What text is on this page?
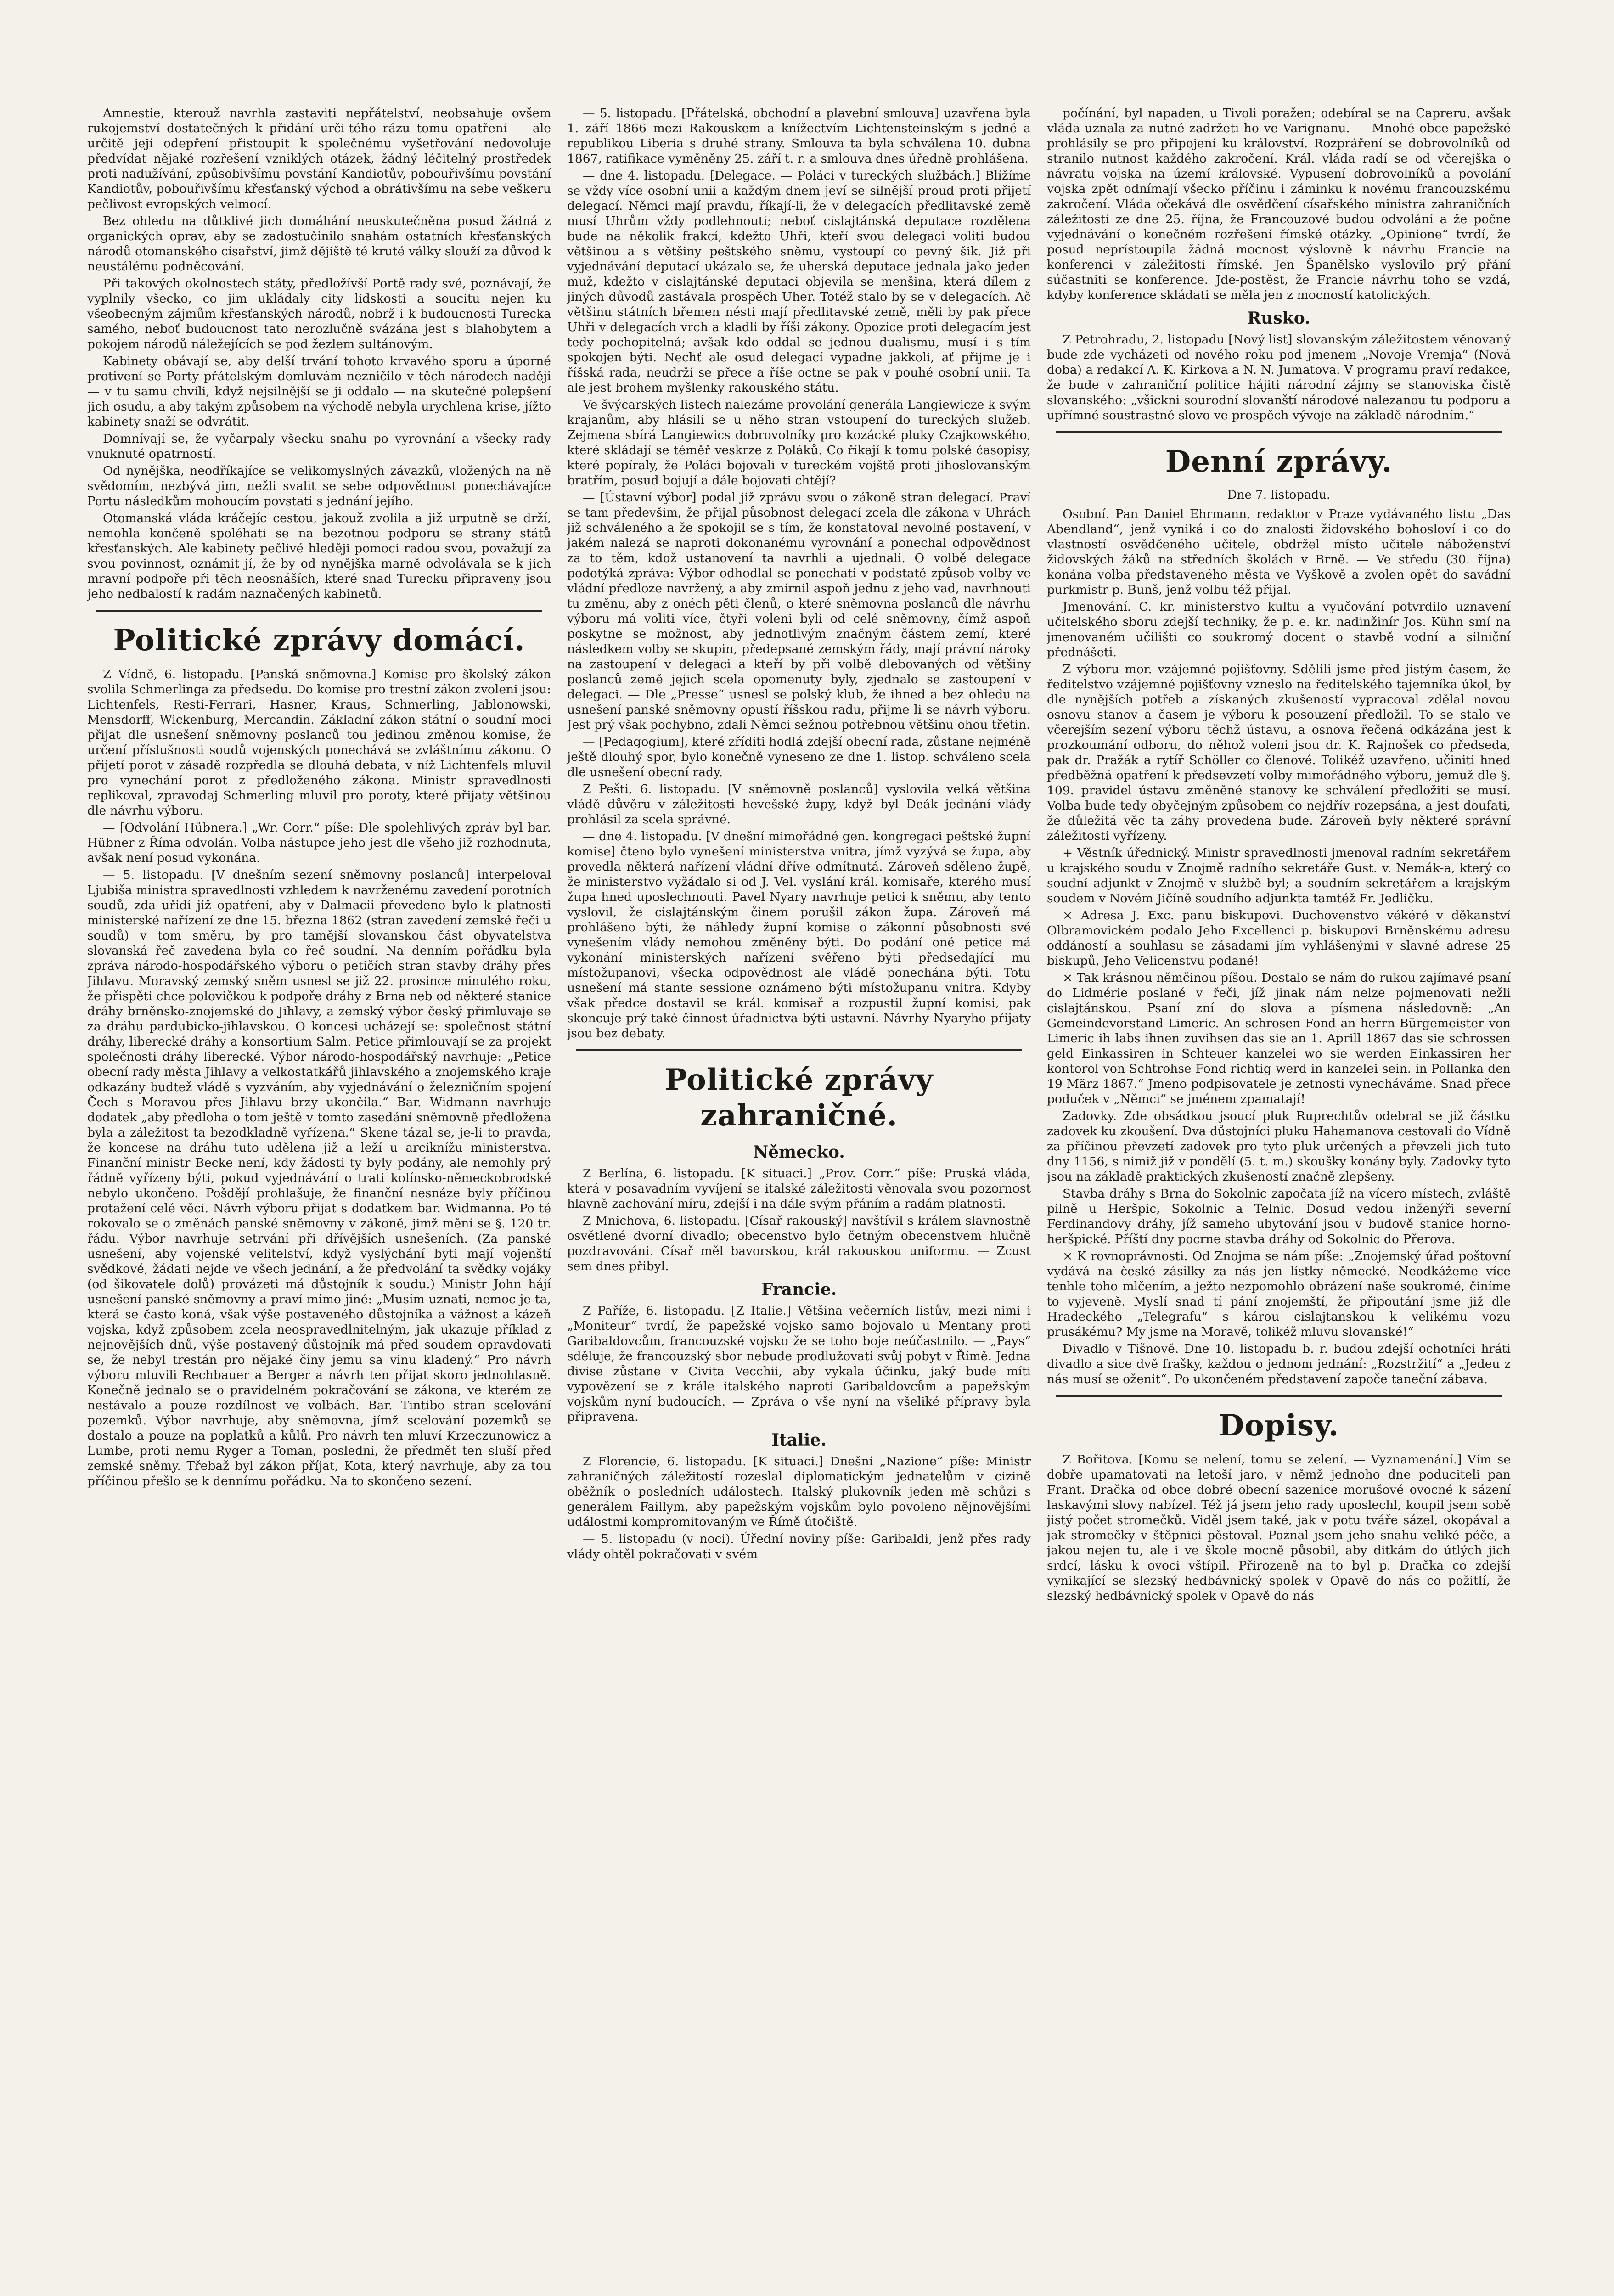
Amnestie, kterouž navrhla zastaviti nepřátelství, neobsahuje ovšem rukojemství dostatečných k přidání urči-tého rázu tomu opatření — ale určitě její odepření přistoupit k společnému vyšetřování nedovoluje předvídat nějaké rozřešení vzniklých otázek, žádný léčitelný prostředek proti nadužívání, způsobivšímu povstání Kandiotův, pobouřivšímu povstání Kandiotův, pobouřivšímu křesťanský východ a obrátivšímu na sebe veškeru pečlivost evropských velmocí.

Bez ohledu na důtklivé jich domáhání neuskutečněna posud žádná z organických oprav, aby se zadostučinilo snahám ostatních křesťanských národů otomanského císařství, jimž dějiště té kruté války slouží za důvod k neustálému podněcování.

Při takových okolnostech státy, předložívší Portě rady své, poznávají, že vyplnily všecko, co jim ukládaly city lidskosti a soucitu nejen ku všeobecným zájmům křesťanských národů, nobrž i k budoucnosti Turecka samého, neboť budoucnost tato nerozlučně svázána jest s blahobytem a pokojem národů náležejících se pod žezlem sultánovým.

Kabinety obávají se, aby delší trvání tohoto krvavého sporu a úporné protivení se Porty přátelským domluvám nezničilo v těch národech naději — v tu samu chvíli, když nejsilnější se ji oddalo — na skutečné polepšení jich osudu, a aby takým způsobem na východě nebyla urychlena krise, jížto kabinety snaží se odvrátit.

Domnívají se, že vyčarpaly všecku snahu po vyrovnání a všecky rady vnuknuté opatrností.

Od nynějška, neodříkajíce se velikomyslných závazků, vložených na ně svědomím, nezbývá jim, nežli svalit se sebe odpovědnost ponechávajíce Portu následkům mohoucím povstati s jednání jejího.

Otomanská vláda kráčejíc cestou, jakouž zvolila a již urputně se drží, nemohla končeně spoléhati se na bezotnou podporu se strany států křesťanských. Ale kabinety pečlivé hleději pomoci radou svou, považují za svou povinnost, oznámit jí, že by od nynějška marně odvolávala se k jich mravní podpoře při těch neosnáších, které snad Turecku připraveny jsou jeho nedbalostí k radám naznačených kabinetů.

Politické zprávy domácí.

Z Vídně, 6. listopadu. [Panská sněmovna.] Komise pro školský zákon svolila Schmerlinga za předsedu. Do komise pro trestní zákon zvoleni jsou: Lichtenfels, Resti-Ferrari, Hasner, Kraus, Schmerling, Jablonowski, Mensdorff, Wickenburg, Mercandin. Základní zákon státní o soudní moci přijat dle usnešení sněmovny poslanců tou jedinou změnou komise, že určení příslušnosti soudů vojenských ponechává se zvláštnímu zákonu. O přijetí porot v zásadě rozpředla se dlouhá debata, v níž Lichtenfels mluvil pro vynechání porot z předloženého zákona. Ministr spravedlnosti replikoval, zpravodaj Schmerling mluvil pro poroty, které přijaty většinou dle návrhu výboru.

— [Odvolání Hübnera.] „Wr. Corr.“ píše: Dle spolehlivých zpráv byl bar. Hübner z Říma odvolán. Volba nástupce jeho jest dle všeho již rozhodnuta, avšak není posud vykonána.

— 5. listopadu. [V dnešním sezení sněmovny poslanců] interpeloval Ljubiša ministra spravedlnosti vzhledem k navrženému zavedení porotních soudů, zda uřidí již opatření, aby v Dalmacii převedeno bylo k platnosti ministerské nařízení ze dne 15. března 1862 (stran zavedení zemské řeči u soudů) v tom směru, by pro tamější slovanskou část obyvatelstva slovanská řeč zavedena byla co řeč soudní. Na denním pořádku byla zpráva národo-hospodářského výboru o petičích stran stavby dráhy přes Jihlavu. Moravský zemský sněm usnesl se již 22. prosince minulého roku, že přispěti chce polovičkou k podpoře dráhy z Brna neb od některé stanice dráhy brněnsko-znojemské do Jihlavy, a zemský výbor český přimluvaje se za dráhu pardubicko-jihlavskou. O koncesi ucházejí se: společnost státní dráhy, liberecké dráhy a konsortium Salm. Petice přimlouvají se za projekt společnosti dráhy liberecké. Výbor národo-hospodářský navrhuje: „Petice obecní rady města Jihlavy a velkostatkářů jihlavského a znojemského kraje odkazány budtež vládě s vyzváním, aby vyjednávání o železničním spojení Čech s Moravou přes Jihlavu brzy ukončila.“ Bar. Widmann navrhuje dodatek „aby předloha o tom ještě v tomto zasedání sněmovně předložena byla a záležitost ta bezodkladně vyřízena.“ Skene tázal se, je-li to pravda, že koncese na dráhu tuto udělena již a leží u arciknížu ministerstva. Finanční ministr Becke není, kdy žádosti ty byly podány, ale nemohly prý řádně vyřízeny býti, pokud vyjednávání o trati kolínsko-německobrodské nebylo ukončeno. Pošdějí prohlašuje, že finanční nesnáze byly příčinou protažení celé věci. Návrh výboru přijat s dodatkem bar. Widmanna. Po té rokovalo se o změnách panské sněmovny v zákoně, jimž mění se §. 120 tr. řádu. Výbor navrhuje setrvání při dřívějších usnešeních. (Za panské usnešení, aby vojenské velitelství, když vyslýchání byti mají vojenští svědkové, žádati nejde ve všech jednání, a že předvolání ta svědky vojáky (od šikovatele dolů) provázeti má důstojník k soudu.) Ministr John hájí usnešení panské sněmovny a praví mimo jiné: „Musím uznati, nemoc je ta, která se často koná, však výše postaveného důstojníka a vážnost a kázeň vojska, když způsobem zcela neospravedlnitelným, jak ukazuje příklad z nejnovějších dnů, výše postavený důstojník má před soudem opravdovati se, že nebyl trestán pro nějaké činy jemu sa vinu kladený.“ Pro návrh výboru mluvili Rechbauer a Berger a návrh ten přijat skoro jednohlasně. Konečně jednalo se o pravidelném pokračování se zákona, ve kterém ze nestávalo a pouze rozdílnost ve volbách. Bar. Tintibo stran scelování pozemků. Výbor navrhuje, aby sněmovna, jímž scelování pozemků se dostalo a pouze na poplatků a kůlů. Pro návrh ten mluví Krzeczunowicz a Lumbe, proti nemu Ryger a Toman, posledni, že předmět ten sluší před zemské sněmy. Třebaž byl zákon příjat, Kota, který navrhuje, aby za tou příčinou přešlo se k dennímu pořádku. Na to skončeno sezení.

— 5. listopadu. [Přátelská, obchodní a plavební smlouva] uzavřena byla 1. září 1866 mezi Rakouskem a knížectvím Lichtensteinským s jedné a republikou Liberia s druhé strany. Smlouva ta byla schválena 10. dubna 1867, ratifikace vyměněny 25. září t. r. a smlouva dnes úředně prohlášena.

— dne 4. listopadu. [Delegace. — Poláci v tureckých službách.] Blížíme se vždy více osobní unii a každým dnem jeví se silnější proud proti přijetí delegací. Němci mají pravdu, říkají-li, že v delegacích předlitavské země musí Uhrům vždy podlehnouti; neboť cislajtánská deputace rozdělena bude na několik frakcí, kdežto Uhři, kteří svou delegaci voliti budou většinou a s většiny peštského sněmu, vystoupí co pevný šik. Již při vyjednávání deputací ukázalo se, že uherská deputace jednala jako jeden muž, kdežto v cislajtánské deputaci objevila se menšina, která dílem z jiných důvodů zastávala prospěch Uher. Totéž stalo by se v delegacích. Ač většinu státních břemen nésti mají předlitavské země, měli by pak přece Uhři v delegacích vrch a kladli by říši zákony. Opozice proti delegacím jest tedy pochopitelná; avšak kdo oddal se jednou dualismu, musí i s tím spokojen býti. Nechť ale osud delegací vypadne jakkoli, ať přijme je i říšská rada, neudrží se přece a říše octne se pak v pouhé osobní unii. Ta ale jest brohem myšlenky rakouského státu.

Ve švýcarských listech nalezáme provolání generála Langiewicze k svým krajanům, aby hlásili se u něho stran vstoupení do tureckých služeb. Zejmena sbírá Langiewics dobrovolníky pro kozácké pluky Czajkowského, které skládají se téměř veskrze z Poláků. Co říkají k tomu polské časopisy, které popíraly, že Poláci bojovali v tureckém vojště proti jihoslovanským bratřím, posud bojují a dále bojovati chtějí?

— [Ústavní výbor] podal již zprávu svou o zákoně stran delegací. Praví se tam předevšim, že přijal působnost delegací zcela dle zákona v Uhrách již schváleného a že spokojil se s tím, že konstatoval nevolné postavení, v jakém nalezá se naproti dokonanému vyrovnání a ponechal odpovědnost za to těm, kdož ustanovení ta navrhli a ujednali. O volbě delegace podotýká zpráva: Výbor odhodlal se ponechati v podstatě způsob volby ve vládní předloze navržený, a aby zmírnil aspoň jednu z jeho vad, navrhnouti tu změnu, aby z onéch pěti členů, o které sněmovna poslanců dle návrhu výboru má voliti více, čtyři voleni byli od celé sněmovny, čímž aspoň poskytne se možnost, aby jednotlivým značným částem zemí, které následkem volby se skupin, předepsané zemským řády, mají právní nároky na zastoupení v delegaci a kteří by při volbě dlebovaných od většiny poslanců země jejich scela opomenuty byly, zjednalo se zastoupení v delegaci. — Dle „Presse“ usnesl se polský klub, že ihned a bez ohledu na usnešení panské sněmovny opustí říšskou radu, přijme li se návrh výboru. Jest prý však pochybno, zdali Němci sežnou potřebnou většinu ohou třetin.

— [Pedagogium], které zříditi hodlá zdejší obecní rada, zůstane nejméně ještě dlouhý spor, bylo konečně vyneseno ze dne 1. listop. schváleno scela dle usnešení obecní rady.

Z Pešti, 6. listopadu. [V sněmovně poslanců] vyslovila velká většina vládě důvěru v záležitosti hevešské župy, když byl Deák jednání vlády prohlásil za scela správné.

— dne 4. listopadu. [V dnešní mimořádné gen. kongregaci peštské župní komise] čteno bylo vynešení ministerstva vnitra, jímž vyzývá se župa, aby provedla některá nařízení vládní dříve odmítnutá. Zároveň sděleno župě, že ministerstvo vyžádalo si od J. Vel. vyslání král. komisaře, kterého musí župa hned uposlechnouti. Pavel Nyary navrhuje petici k sněmu, aby tento vyslovil, že cislajtánským činem porušil zákon župa. Zároveň má prohlášeno býti, že náhledy župní komise o zákonní působnosti své vynešením vlády nemohou změněny býti. Do podání oné petice má vykonání ministerských nařízení svěřeno býti předsedající mu místožupanovi, všecka odpovědnost ale vládě ponechána býti. Totu usnešení má stante sessione oznámeno býti místožupanu vnitra. Kdyby však předce dostavil se král. komisař a rozpustil župní komisi, pak skoncuje prý také činnost úřadnictva býti ustavní. Návrhy Nyaryho přijaty jsou bez debaty.

Politické zprávy zahraničné.
Německo.

Z Berlína, 6. listopadu. [K situaci.] „Prov. Corr.“ píše: Pruská vláda, která v posavadním vyvíjení se italské záležitosti věnovala svou pozornost hlavně zachování míru, zdejší i na dále svým přáním a radám platnosti.

Z Mnichova, 6. listopadu. [Císař rakouský] navštívil s králem slavnostně osvětlené dvorní divadlo; obecenstvo bylo četným obecenstvem hlučně pozdravováni. Císař měl bavorskou, král rakouskou uniformu. — Zcust sem dnes přibyl.

Francie.

Z Paříže, 6. listopadu. [Z Italie.] Většina večerních listův, mezi nimi i „Moniteur“ tvrdí, že papežské vojsko samo bojovalo u Mentany proti Garibaldovcům, francouzské vojsko že se toho boje neúčastnilo. — „Pays“ sděluje, že francouzský sbor nebude prodlužovati svůj pobyt v Římě. Jedna divise zůstane v Civita Vecchii, aby vykala účinku, jaký bude míti vypovězení se z krále italského naproti Garibaldovcům a papežským vojskům nyní budoucích. — Zpráva o vše nyní na všeliké přípravy byla připravena.

Italie.

Z Florencie, 6. listopadu. [K situaci.] Dnešní „Nazione“ píše: Ministr zahraničných záležitostí rozeslal diplomatickým jednatelům v cizině oběžník o posledních událostech. Italský plukovník jeden mě schůzi s generálem Faillym, aby papežským vojskům bylo povoleno nějnovějšími událostmi kompromitovaným ve Římě útočiště.

— 5. listopadu (v noci). Úřední noviny píše: Garibaldi, jenž přes rady vlády ohtěl pokračovati v svém

počínání, byl napaden, u Tivoli poražen; odebíral se na Capreru, avšak vláda uznala za nutné zadržeti ho ve Varignanu. — Mnohé obce papežské prohlásily se pro připojení ku království. Rozpráření se dobrovolníků od stranilo nutnost každého zakročení. Král. vláda radí se od včerejška o návratu vojska na území královské. Vypusení dobrovolníků a povolání vojska zpět odnímají všecko příčinu i záminku k novému francouzskému zakročení. Vláda očekává dle osvědčení císařského ministra zahraničních záležitostí ze dne 25. října, že Francouzové budou odvolání a že počne vyjednávání o konečném rozřešení římské otázky. „Opinione“ tvrdí, že posud neprístoupila žádná mocnost výslovně k návrhu Francie na konferenci v záležitosti římské. Jen Španělsko vyslovilo prý přání súčastniti se konference. Jde-postěst, že Francie návrhu toho se vzdá, kdyby konference skládati se měla jen z mocností katolických.

Rusko.

Z Petrohradu, 2. listopadu [Nový list] slovanským záležitostem věnovaný bude zde vycházeti od nového roku pod jmenem „Novoje Vremja“ (Nová doba) a redakcí A. K. Kirkova a N. N. Jumatova. V programu praví redakce, že bude v zahraniční politice hájiti národní zájmy se stanoviska čistě slovanského: „všickni sourodní slovanští národové nalezanou tu podporu a upřímné soustrastné slovo ve prospěch vývoje na základě národním.“

Denní zprávy.
Dne 7. listopadu.

Osobní. Pan Daniel Ehrmann, redaktor v Praze vydávaného listu „Das Abendland“, jenž vyniká i co do znalosti židovského bohosloví i co do vlastností osvědčeného učitele, obdržel místo učitele náboženství židovských žáků na středních školách v Brně. — Ve středu (30. října) konána volba představeného města ve Vyškově a zvolen opět do savádní purkmistr p. Bunš, jenž volbu též přijal.

Jmenování. C. kr. ministerstvo kultu a vyučování potvrdilo uznavení učitelského sboru zdejší techniky, že p. e. kr. nadinžinír Jos. Kühn smí na jmenovaném učilišti co soukromý docent o stavbě vodní a silniční přednášeti.

Z výboru mor. vzájemné pojišťovny. Sdělili jsme před jistým časem, že ředitelstvo vzájemné pojišťovny vzneslo na ředitelského tajemníka úkol, by dle nynějších potřeb a získaných zkušeností vypracoval zdělal novou osnovu stanov a časem je výboru k posouzení předložil. To se stalo ve včerejším sezení výboru těchž ústavu, a osnova řečená odkázána jest k prozkoumání odboru, do něhož voleni jsou dr. K. Rajnošek co předseda, pak dr. Pražák a rytíř Schöller co členové. Tolikéž uzavřeno, učiniti hned předběžná opatření k předsevzetí volby mimořádného výboru, jemuž dle §. 109. pravidel ústavu změněné stanovy ke schválení předložiti se musí. Volba bude tedy obyčejným způsobem co nejdřív rozepsána, a jest doufati, že důležitá věc ta záhy provedena bude. Zároveň byly některé správní záležitosti vyřízeny.

+ Věstník úřednický. Ministr spravedlnosti jmenoval radním sekretářem u krajského soudu v Znojmě radního sekretáře Gust. v. Nemák-a, který co soudní adjunkt v Znojmě v službě byl; a soudním sekretářem a krajským soudem v Novém Jičíně soudního adjunkta tamtéž Fr. Jedličku.

× Adresa J. Exc. panu biskupovi. Duchovenstvo vékéré v děkanství Olbramovickém podalo Jeho Excellenci p. biskupovi Brněnskému adresu oddáností a souhlasu se zásadami jím vyhlášenými v slavné adrese 25 biskupů, Jeho Velicenstvu podané!

× Tak krásnou němčinou píšou. Dostalo se nám do rukou zajímavé psaní do Lidmérie poslané v řeči, jíž jinak nám nelze pojmenovati nežli cislajtánskou. Psaní zní do slova a písmena následovně: „An Gemeindevorstand Limeric. An schrosen Fond an herrn Bürgemeister von Limeric ih labs ihnen zuvihsen das sie an 1. Aprill 1867 das sie schrossen geld Einkassiren in Schteuer kanzelei wo sie werden Einkassiren her kontorol von Schtrohse Fond richtig werd in kanzelei sein. in Pollanka den 19 März 1867.“ Jmeno podpisovatele je zetnosti vynecháváme. Snad přece poduček v „Němci“ se jménem zpamatají!

Zadovky. Zde obsádkou jsoucí pluk Ruprechtův odebral se již částku zadovek ku zkoušení. Dva důstojníci pluku Hahamanova cestovali do Vídně za příčinou převzetí zadovek pro tyto pluk určených a převzeli jich tuto dny 1156, s nimiž již v pondělí (5. t. m.) skoušky konány byly. Zadovky tyto jsou na základě praktických zkušeností značně zlepšeny.

Stavba dráhy s Brna do Sokolnic započata jíž na vícero místech, zvláště pilně u Heršpic, Sokolnic a Telnic. Dosud vedou inženýři severní Ferdinandovy dráhy, jíž sameho ubytování jsou v budově stanice horno-heršpické. Příští dny pocrne stavba dráhy od Sokolnic do Přerova.

× K rovnoprávnosti. Od Znojma se nám píše: „Znojemský úřad poštovní vydává na české zásilky za nás jen lístky německé. Neodkážeme více tenhle toho mlčením, a ježto nezpomohlo obrázení naše soukromé, činíme to vyjeveně. Myslí snad tí pání znojemští, že připoutání jsme již dle Hradeckého „Telegrafu“ s károu cislajtanskou k velikému vozu prusákému? My jsme na Moravě, tolikéž mluvu slovanské!“

Divadlo v Tišnově. Dne 10. listopadu b. r. budou zdejší ochotníci hráti divadlo a sice dvě frašky, každou o jednom jednání: „Rozstržití“ a „Jedeu z nás musí se oženit“. Po ukončeném představení započe taneční zábava.

Dopisy.

Z Bořitova. [Komu se nelení, tomu se zelení. — Vyznamenání.] Vím se dobře upamatovati na letoší jaro, v němž jednoho dne poduciteli pan Frant. Dračka od obce dobré obecní sazenice morušové ovocné k sázení laskavými slovy nabízel. Též já jsem jeho rady uposlechl, koupil jsem sobě jistý počet stromečků. Viděl jsem také, jak v potu tváře sázel, okopával a jak stromečky v štěpnici pěstoval. Poznal jsem jeho snahu veliké péče, a jakou nejen tu, ale i ve škole mocně působil, aby ditkám do útlých jich srdcí, lásku k ovoci vštípil. Přirozeně na to byl p. Dračka co zdejší vynikající se slezský hedbávnický spolek v Opavě do nás co požitlí, že slezský hedbávnický spolek v Opavě do nás
